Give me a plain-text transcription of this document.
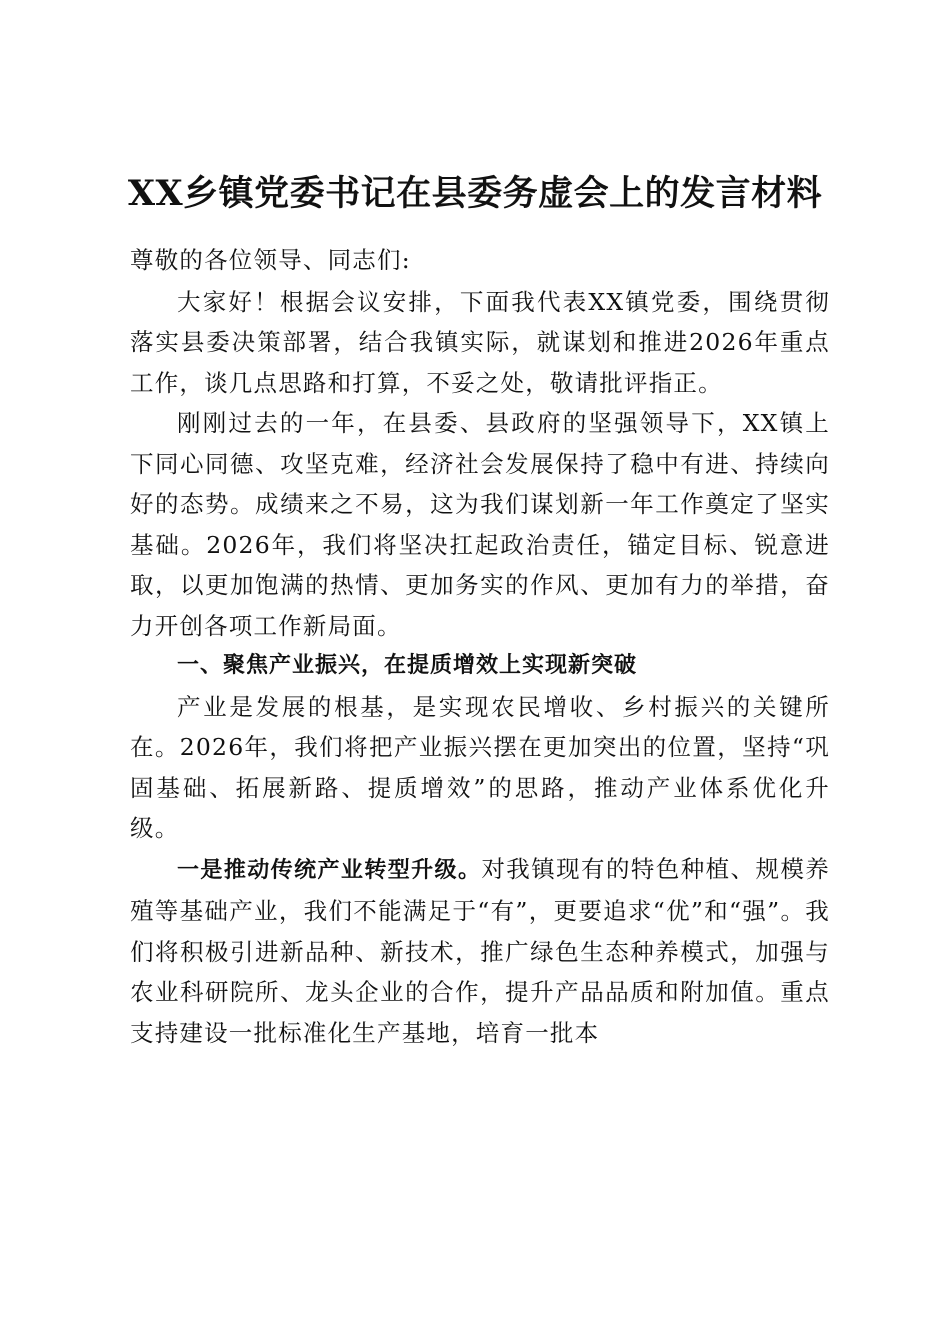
XX乡镇党委书记在县委务虚会上的发言材料

尊敬的各位领导、同志们:

大家好！根据会议安排，下面我代表XX镇党委，围绕贯彻落实县委决策部署，结合我镇实际，就谋划和推进2026年重点工作，谈几点思路和打算，不妥之处，敬请批评指正。

刚刚过去的一年，在县委、县政府的坚强领导下，XX镇上下同心同德、攻坚克难，经济社会发展保持了稳中有进、持续向好的态势。成绩来之不易，这为我们谋划新一年工作奠定了坚实基础。2026年，我们将坚决扛起政治责任，锚定目标、锐意进取，以更加饱满的热情、更加务实的作风、更加有力的举措，奋力开创各项工作新局面。

一、聚焦产业振兴，在提质增效上实现新突破

产业是发展的根基，是实现农民增收、乡村振兴的关键所在。2026年，我们将把产业振兴摆在更加突出的位置，坚持“巩固基础、拓展新路、提质增效”的思路，推动产业体系优化升级。

一是推动传统产业转型升级。对我镇现有的特色种植、规模养殖等基础产业，我们不能满足于“有”，更要追求“优”和“强”。我们将积极引进新品种、新技术，推广绿色生态种养模式，加强与农业科研院所、龙头企业的合作，提升产品品质和附加值。重点支持建设一批标准化生产基地，培育一批本
